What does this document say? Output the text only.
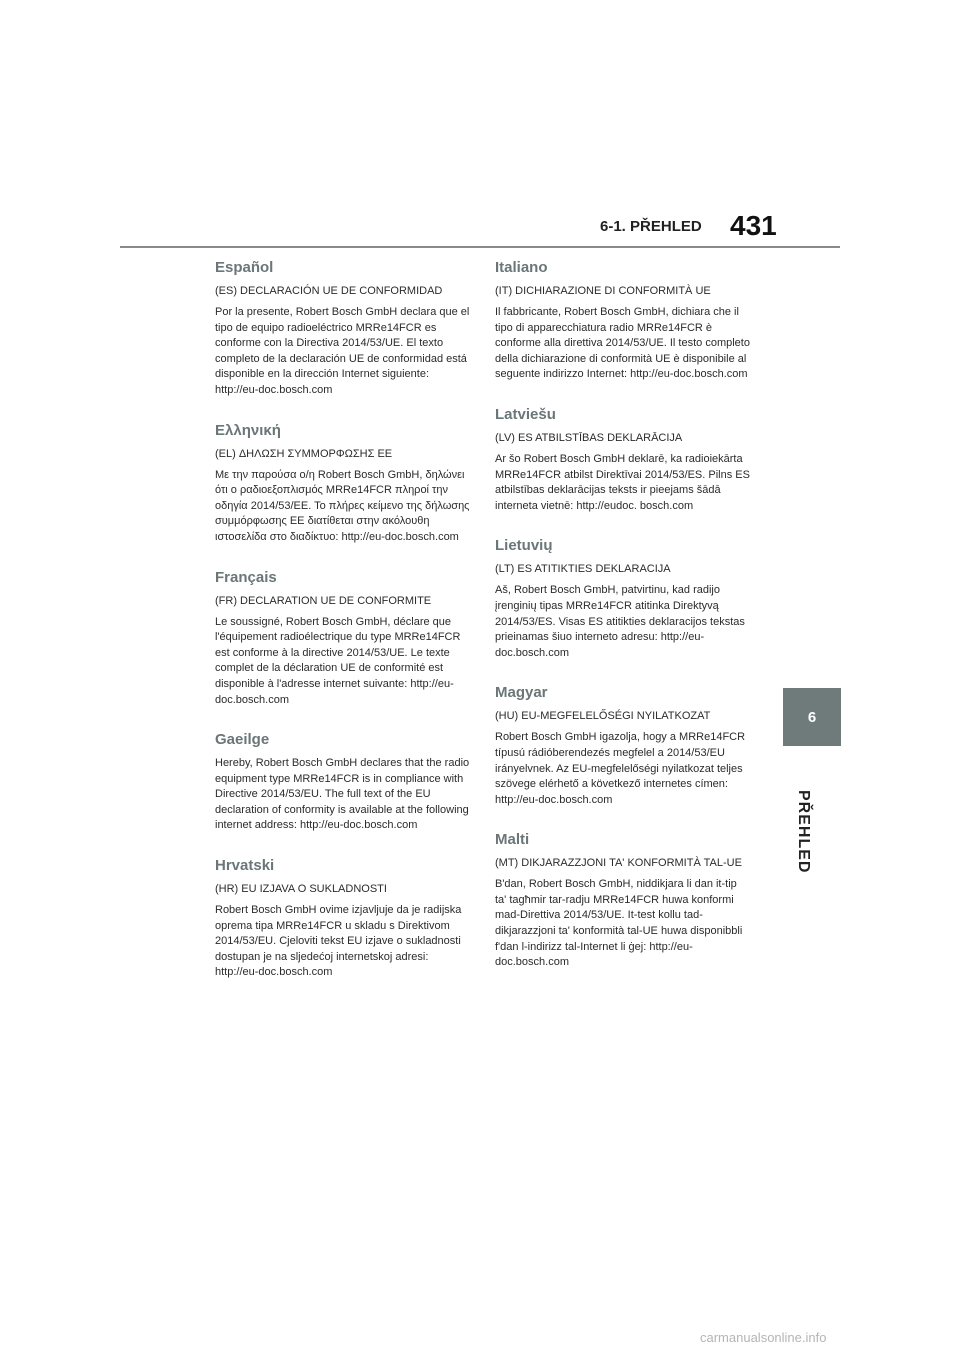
6-1. PŘEHLED 431
6
PŘEHLED
Español

(ES) DECLARACIÓN UE DE CONFORMIDAD

Por la presente, Robert Bosch GmbH declara que el tipo de equipo radioeléctrico MRRe14FCR es conforme con la Directiva 2014/53/UE. El texto completo de la declaración UE de conformidad está disponible en la dirección Internet siguiente: http://eu-doc.bosch.com

Ελληνική

(EL) ΔΗΛΩΣΗ ΣΥΜΜΟΡΦΩΣΗΣ ΕΕ

Με την παρούσα ο/η Robert Bosch GmbH, δηλώνει ότι ο ραδιοεξοπλισμός MRRe14FCR πληροί την οδηγία 2014/53/ΕΕ. Το πλήρες κείμενο της δήλωσης συμμόρφωσης ΕΕ διατίθεται στην ακόλουθη ιστοσελίδα στο διαδίκτυο: http://eu-doc.bosch.com

Français

(FR) DECLARATION UE DE CONFORMITE

Le soussigné, Robert Bosch GmbH, déclare que l'équipement radioélectrique du type MRRe14FCR est conforme à la directive 2014/53/UE. Le texte complet de la déclaration UE de conformité est disponible à l'adresse internet suivante: http://eu-doc.bosch.com

Gaeilge

Hereby, Robert Bosch GmbH declares that the radio equipment type MRRe14FCR is in compliance with Directive 2014/53/EU. The full text of the EU declaration of conformity is available at the following internet address: http://eu-doc.bosch.com

Hrvatski

(HR) EU IZJAVA O SUKLADNOSTI

Robert Bosch GmbH ovime izjavljuje da je radijska oprema tipa MRRe14FCR u skladu s Direktivom 2014/53/EU. Cjeloviti tekst EU izjave o sukladnosti dostupan je na sljedećoj internetskoj adresi: http://eu-doc.bosch.com

Italiano

(IT) DICHIARAZIONE DI CONFORMITÀ UE

Il fabbricante, Robert Bosch GmbH, dichiara che il tipo di apparecchiatura radio MRRe14FCR è conforme alla direttiva 2014/53/UE. Il testo completo della dichiarazione di conformità UE è disponibile al seguente indirizzo Internet: http://eu-doc.bosch.com

Latviešu

(LV) ES ATBILSTĪBAS DEKLARĀCIJA

Ar šo Robert Bosch GmbH deklarē, ka radioiekārta MRRe14FCR atbilst Direktīvai 2014/53/ES. Pilns ES atbilstības deklarācijas teksts ir pieejams šādā interneta vietnē: http://eudoc. bosch.com

Lietuvių

(LT) ES ATITIKTIES DEKLARACIJA

Aš, Robert Bosch GmbH, patvirtinu, kad radijo įrenginių tipas MRRe14FCR atitinka Direktyvą 2014/53/ES. Visas ES atitikties deklaracijos tekstas prieinamas šiuo interneto adresu: http://eu-doc.bosch.com

Magyar

(HU) EU-MEGFELELŐSÉGI NYILATKOZAT

Robert Bosch GmbH igazolja, hogy a MRRe14FCR típusú rádióberendezés megfelel a 2014/53/EU irányelvnek. Az EU-megfelelőségi nyilatkozat teljes szövege elérhető a következő internetes címen: http://eu-doc.bosch.com

Malti

(MT) DIKJARAZZJONI TA' KONFORMITÀ TAL-UE

B'dan, Robert Bosch GmbH, niddikjara li dan it-tip ta' tagħmir tar-radju MRRe14FCR huwa konformi mad-Direttiva 2014/53/UE. It-test kollu tad-dikjarazzjoni ta' konformità tal-UE huwa disponibbli f'dan l-indirizz tal-Internet li ġej: http://eu-doc.bosch.com

carmanualsonline.info
